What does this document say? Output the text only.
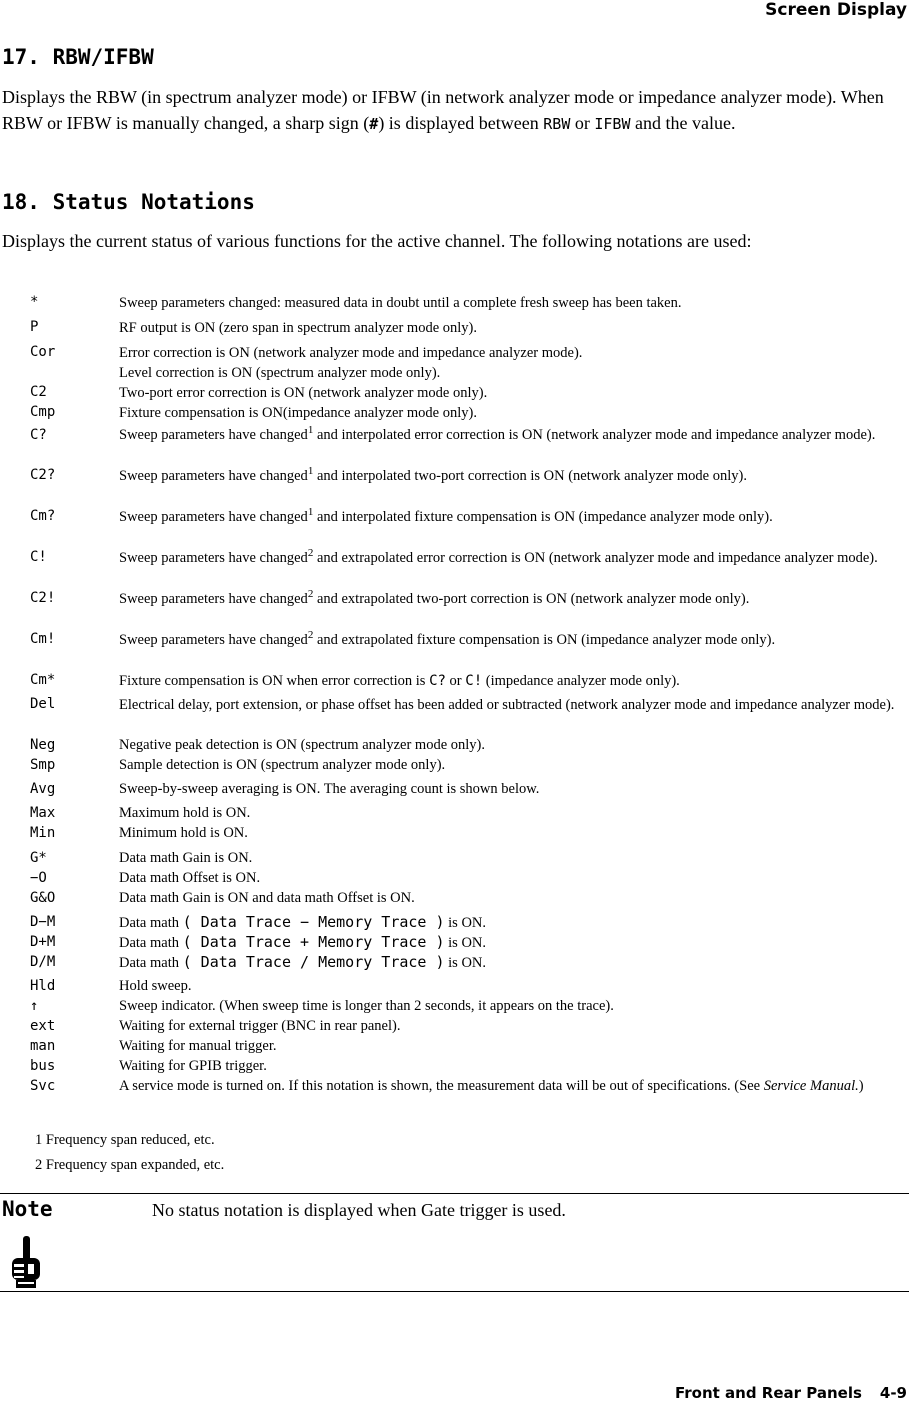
Screen Display
17. RBW/IFBW
Displays the RBW (in spectrum analyzer mode) or IFBW (in network analyzer mode or impedance analyzer mode). When RBW or IFBW is manually changed, a sharp sign (#) is displayed between RBW or IFBW and the value.
18. Status Notations
Displays the current status of various functions for the active channel. The following notations are used:
*	Sweep parameters changed: measured data in doubt until a complete fresh sweep has been taken.
P	RF output is ON (zero span in spectrum analyzer mode only).
Cor	Error correction is ON (network analyzer mode and impedance analyzer mode).
Level correction is ON (spectrum analyzer mode only).
C2	Two-port error correction is ON (network analyzer mode only).
Cmp	Fixture compensation is ON(impedance analyzer mode only).
C?	Sweep parameters have changed$^1$ and interpolated error correction is ON (network analyzer mode and impedance analyzer mode).
C2?	Sweep parameters have changed$^1$ and interpolated two-port correction is ON (network analyzer mode only).
Cm?	Sweep parameters have changed$^1$ and interpolated fixture compensation is ON (impedance analyzer mode only).
C!	Sweep parameters have changed$^2$ and extrapolated error correction is ON (network analyzer mode and impedance analyzer mode).
C2!	Sweep parameters have changed$^2$ and extrapolated two-port correction is ON (network analyzer mode only).
Cm!	Sweep parameters have changed$^2$ and extrapolated fixture compensation is ON (impedance analyzer mode only).
Cm*	Fixture compensation is ON when error correction is C? or C! (impedance analyzer mode only).
Del	Electrical delay, port extension, or phase offset has been added or subtracted (network analyzer mode and impedance analyzer mode).
Neg	Negative peak detection is ON (spectrum analyzer mode only).
Smp	Sample detection is ON (spectrum analyzer mode only).
Avg	Sweep-by-sweep averaging is ON. The averaging count is shown below.
Max	Maximum hold is ON.
Min	Minimum hold is ON.
G*	Data math Gain is ON.
−O	Data math Offset is ON.
G&O	Data math Gain is ON and data math Offset is ON.
D−M	Data math ( Data Trace − Memory Trace ) is ON.
D+M	Data math ( Data Trace + Memory Trace ) is ON.
D/M	Data math ( Data Trace / Memory Trace ) is ON.
Hld	Hold sweep.
↑	Sweep indicator. (When sweep time is longer than 2 seconds, it appears on the trace).
ext	Waiting for external trigger (BNC in rear panel).
man	Waiting for manual trigger.
bus	Waiting for GPIB trigger.
Svc	A service mode is turned on. If this notation is shown, the measurement data will be out of specifications. (See Service Manual.)
1 Frequency span reduced, etc.
2 Frequency span expanded, etc.
Note	No status notation is displayed when Gate trigger is used.
Front and Rear Panels 4-9
